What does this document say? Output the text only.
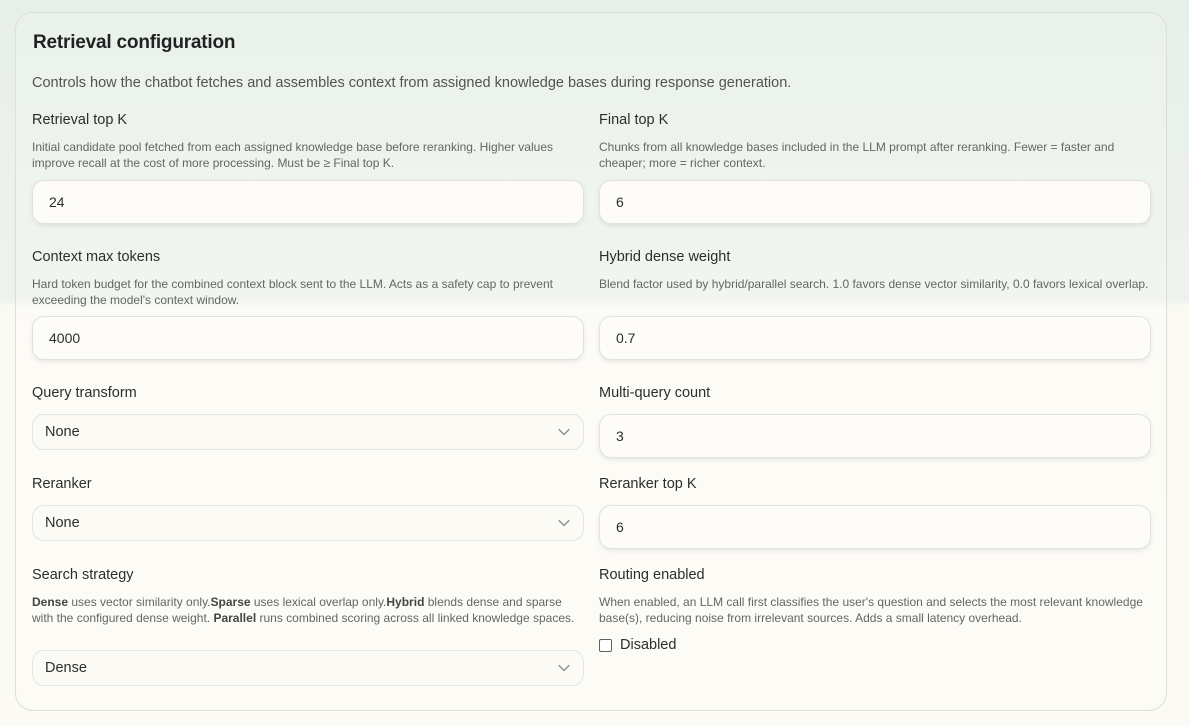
Retrieval configuration
Controls how the chatbot fetches and assembles context from assigned knowledge bases during response generation.
Retrieval top K
Initial candidate pool fetched from each assigned knowledge base before reranking. Higher values improve recall at the cost of more processing. Must be ≥ Final top K.
24
Final top K
Chunks from all knowledge bases included in the LLM prompt after reranking. Fewer = faster and cheaper; more = richer context.
6
Context max tokens
Hard token budget for the combined context block sent to the LLM. Acts as a safety cap to prevent exceeding the model's context window.
4000
Hybrid dense weight
Blend factor used by hybrid/parallel search. 1.0 favors dense vector similarity, 0.0 favors lexical overlap.
0.7
Query transform
None
Multi-query count
3
Reranker
None
Reranker top K
6
Search strategy
Dense uses vector similarity only.Sparse uses lexical overlap only.Hybrid blends dense and sparse with the configured dense weight. Parallel runs combined scoring across all linked knowledge spaces.
Dense
Routing enabled
When enabled, an LLM call first classifies the user's question and selects the most relevant knowledge base(s), reducing noise from irrelevant sources. Adds a small latency overhead.
Disabled
